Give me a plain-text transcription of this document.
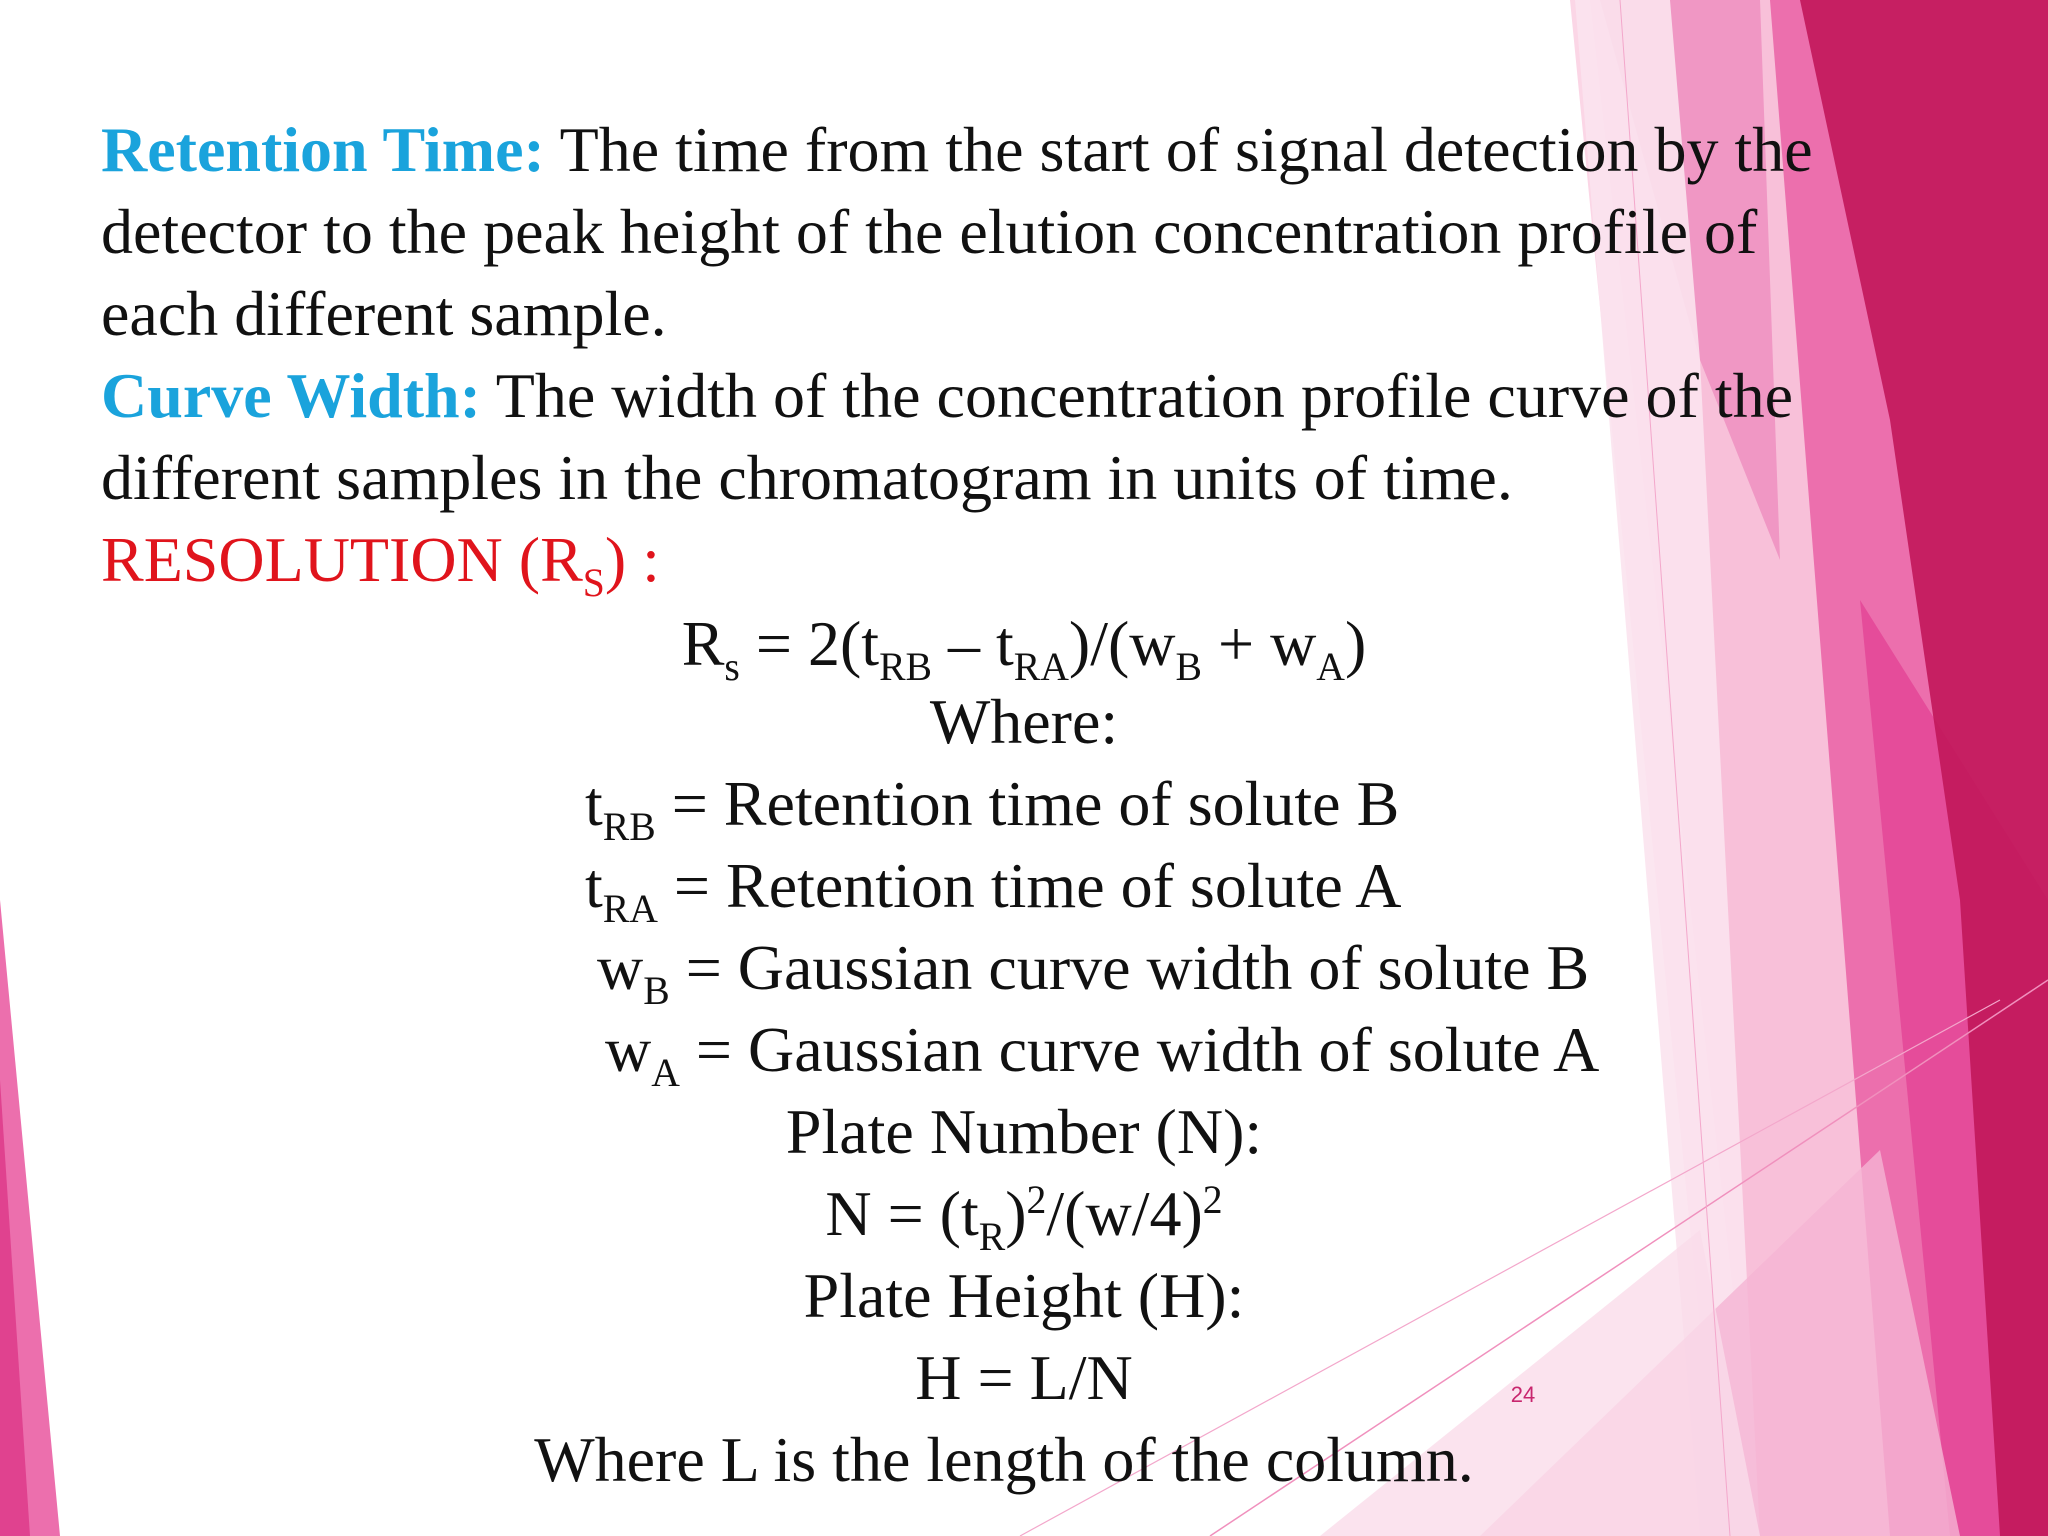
Retention Time: The time from the start of signal detection by the
detector to the peak height of the elution concentration profile of
each different sample.
Curve Width: The width of the concentration profile curve of the
different samples in the chromatogram in units of time.
RESOLUTION $(R_S)$ :
$R_s = 2(t_{RB} - t_{RA})/(w_B + w_A)$
Where:
$t_{RB}$ = Retention time of solute B
$t_{RA}$ = Retention time of solute A
$w_B$ = Gaussian curve width of solute B
$w_A$ = Gaussian curve width of solute A
Plate Number (N):
$N = (t_R)^2/(w/4)^2$
Plate Height (H):
H = L/N
Where L is the length of the column.
24
